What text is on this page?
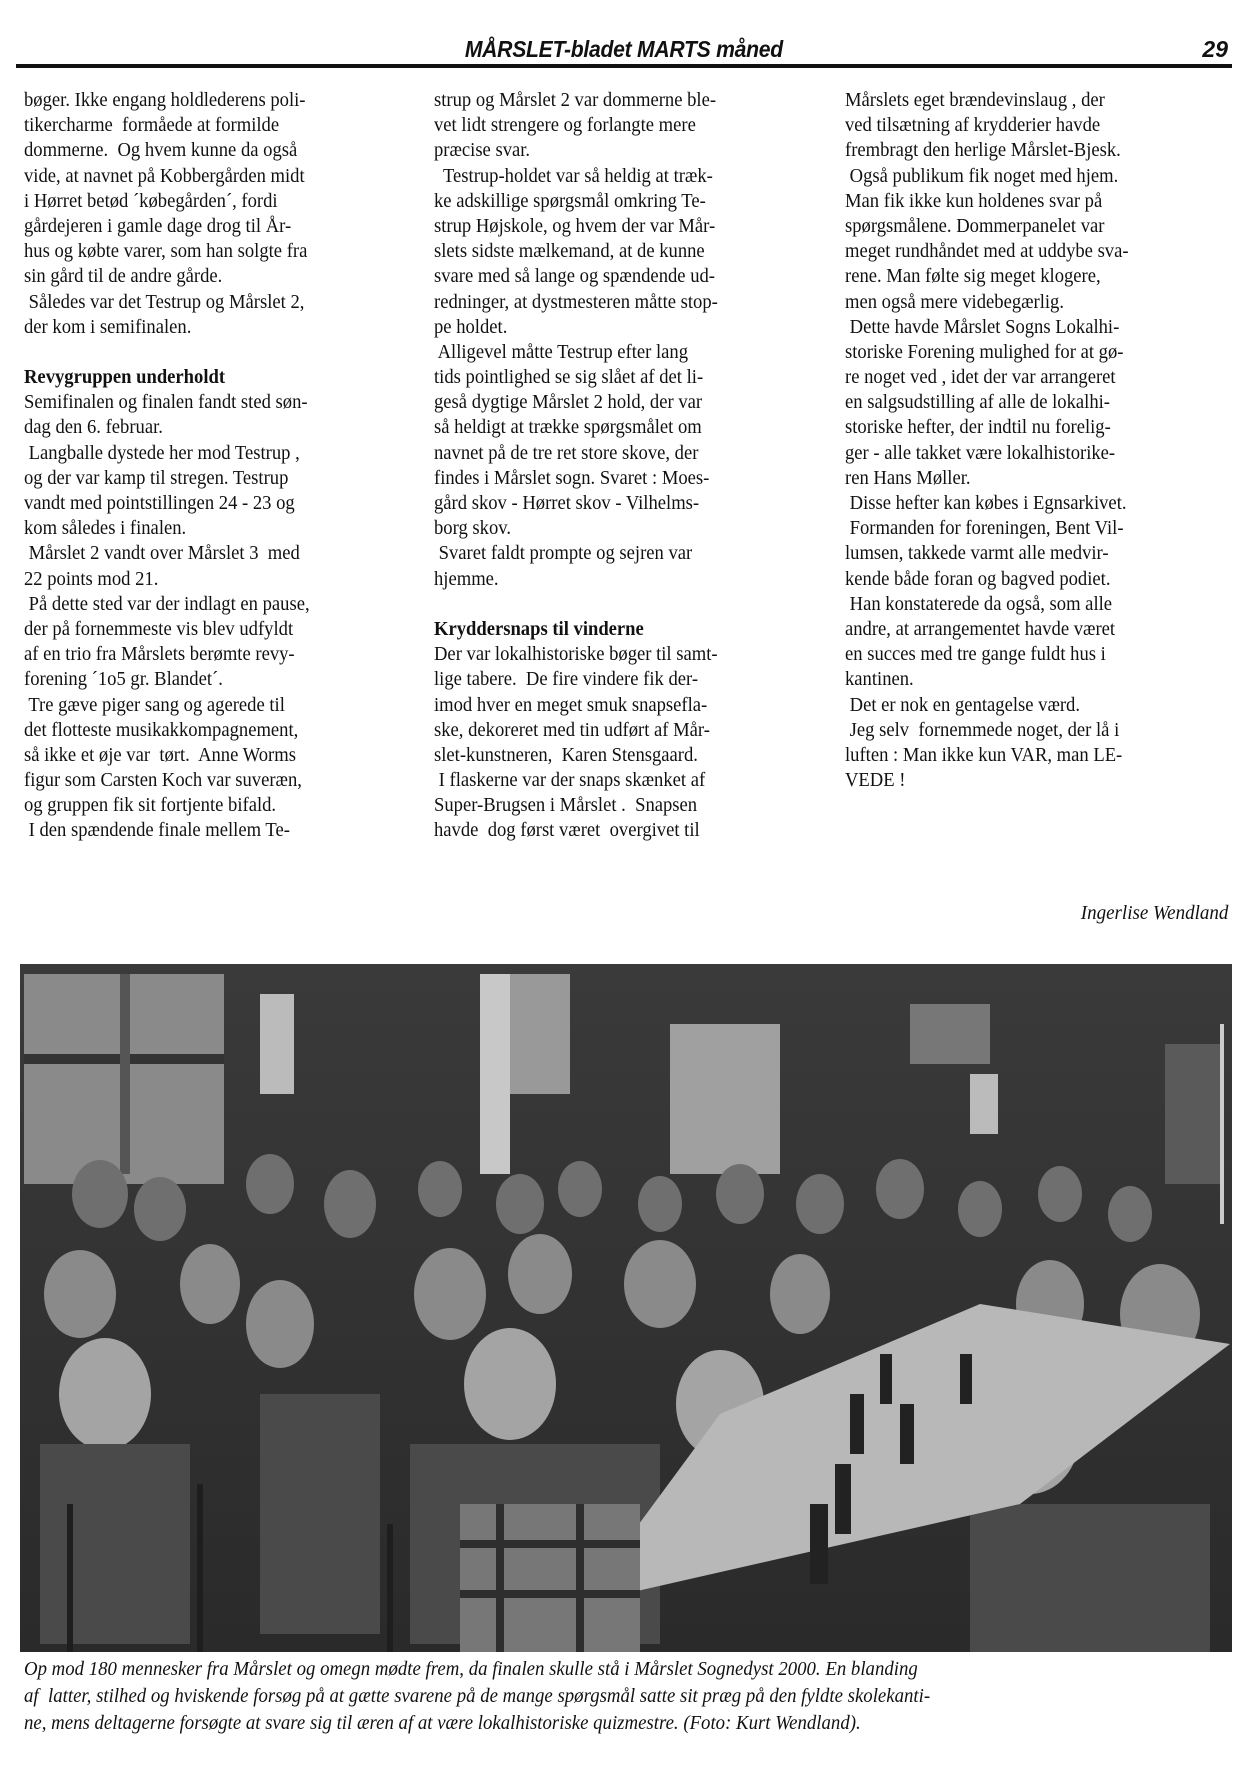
MÅRSLET-bladet MARTS måned	29
bøger. Ikke engang holdlederens poli-
tikercharme  formåede at formilde
dommerne.  Og hvem kunne da også
vide, at navnet på Kobbergården midt
i Hørret betød ´købegården´, fordi
gårdejeren i gamle dage drog til År-
hus og købte varer, som han solgte fra
sin gård til de andre gårde.
Således var det Testrup og Mårslet 2,
der kom i semifinalen.
Revygruppen underholdt
Semifinalen og finalen fandt sted søn-
dag den 6. februar.
Langballe dystede her mod Testrup ,
og der var kamp til stregen. Testrup
vandt med pointstillingen 24 - 23 og
kom således i finalen.
Mårslet 2 vandt over Mårslet 3  med
22 points mod 21.
På dette sted var der indlagt en pause,
der på fornemmeste vis blev udfyldt
af en trio fra Mårslets berømte revy-
forening ´1o5 gr. Blandet´.
Tre gæve piger sang og agerede til
det flotteste musikakkompagnement,
så ikke et øje var  tørt.  Anne Worms
figur som Carsten Koch var suveræn,
og gruppen fik sit fortjente bifald.
I den spændende finale mellem Te-
strup og Mårslet 2 var dommerne ble-
vet lidt strengere og forlangte mere
præcise svar.
Testrup-holdet var så heldig at træk-
ke adskillige spørgsmål omkring Te-
strup Højskole, og hvem der var Mår-
slets sidste mælkemand, at de kunne
svare med så lange og spændende ud-
redninger, at dystmesteren måtte stop-
pe holdet.
Alligevel måtte Testrup efter lang
tids pointlighed se sig slået af det li-
geså dygtige Mårslet 2 hold, der var
så heldigt at trække spørgsmålet om
navnet på de tre ret store skove, der
findes i Mårslet sogn. Svaret : Moes-
gård skov - Hørret skov - Vilhelms-
borg skov.
Svaret faldt prompte og sejren var
hjemme.
Kryddersnaps til vinderne
Der var lokalhistoriske bøger til samt-
lige tabere.  De fire vindere fik der-
imod hver en meget smuk snapsefla-
ske, dekoreret med tin udført af Mår-
slet-kunstneren,  Karen Stensgaard.
I flaskerne var der snaps skænket af
Super-Brugsen i Mårslet .  Snapsen
havde  dog først været  overgivet til
Mårslets eget brændevinslaug , der
ved tilsætning af krydderier havde
frembragt den herlige Mårslet-Bjesk.
Også publikum fik noget med hjem.
Man fik ikke kun holdenes svar på
spørgsmålene. Dommerpanelet var
meget rundhåndet med at uddybe sva-
rene. Man følte sig meget klogere,
men også mere videbegærlig.
Dette havde Mårslet Sogns Lokalhi-
storiske Forening mulighed for at gø-
re noget ved , idet der var arrangeret
en salgsudstilling af alle de lokalhi-
storiske hefter, der indtil nu forelig-
ger - alle takket være lokalhistorike-
ren Hans Møller.
Disse hefter kan købes i Egnsarkivet.
Formanden for foreningen, Bent Vil-
lumsen, takkede varmt alle medvir-
kende både foran og bagved podiet.
Han konstaterede da også, som alle
andre, at arrangementet havde været
en succes med tre gange fuldt hus i
kantinen.
Det er nok en gentagelse værd.
Jeg selv  fornemmede noget, der lå i
luften : Man ikke kun VAR, man LE-
VEDE !
Ingerlise Wendland
Op mod 180 mennesker fra Mårslet og omegn mødte frem, da finalen skulle stå i Mårslet Sognedyst 2000. En blanding
af  latter, stilhed og hviskende forsøg på at gætte svarene på de mange spørgsmål satte sit præg på den fyldte skolekanti-
ne, mens deltagerne forsøgte at svare sig til æren af at være lokalhistoriske quizmestre. (Foto: Kurt Wendland).
